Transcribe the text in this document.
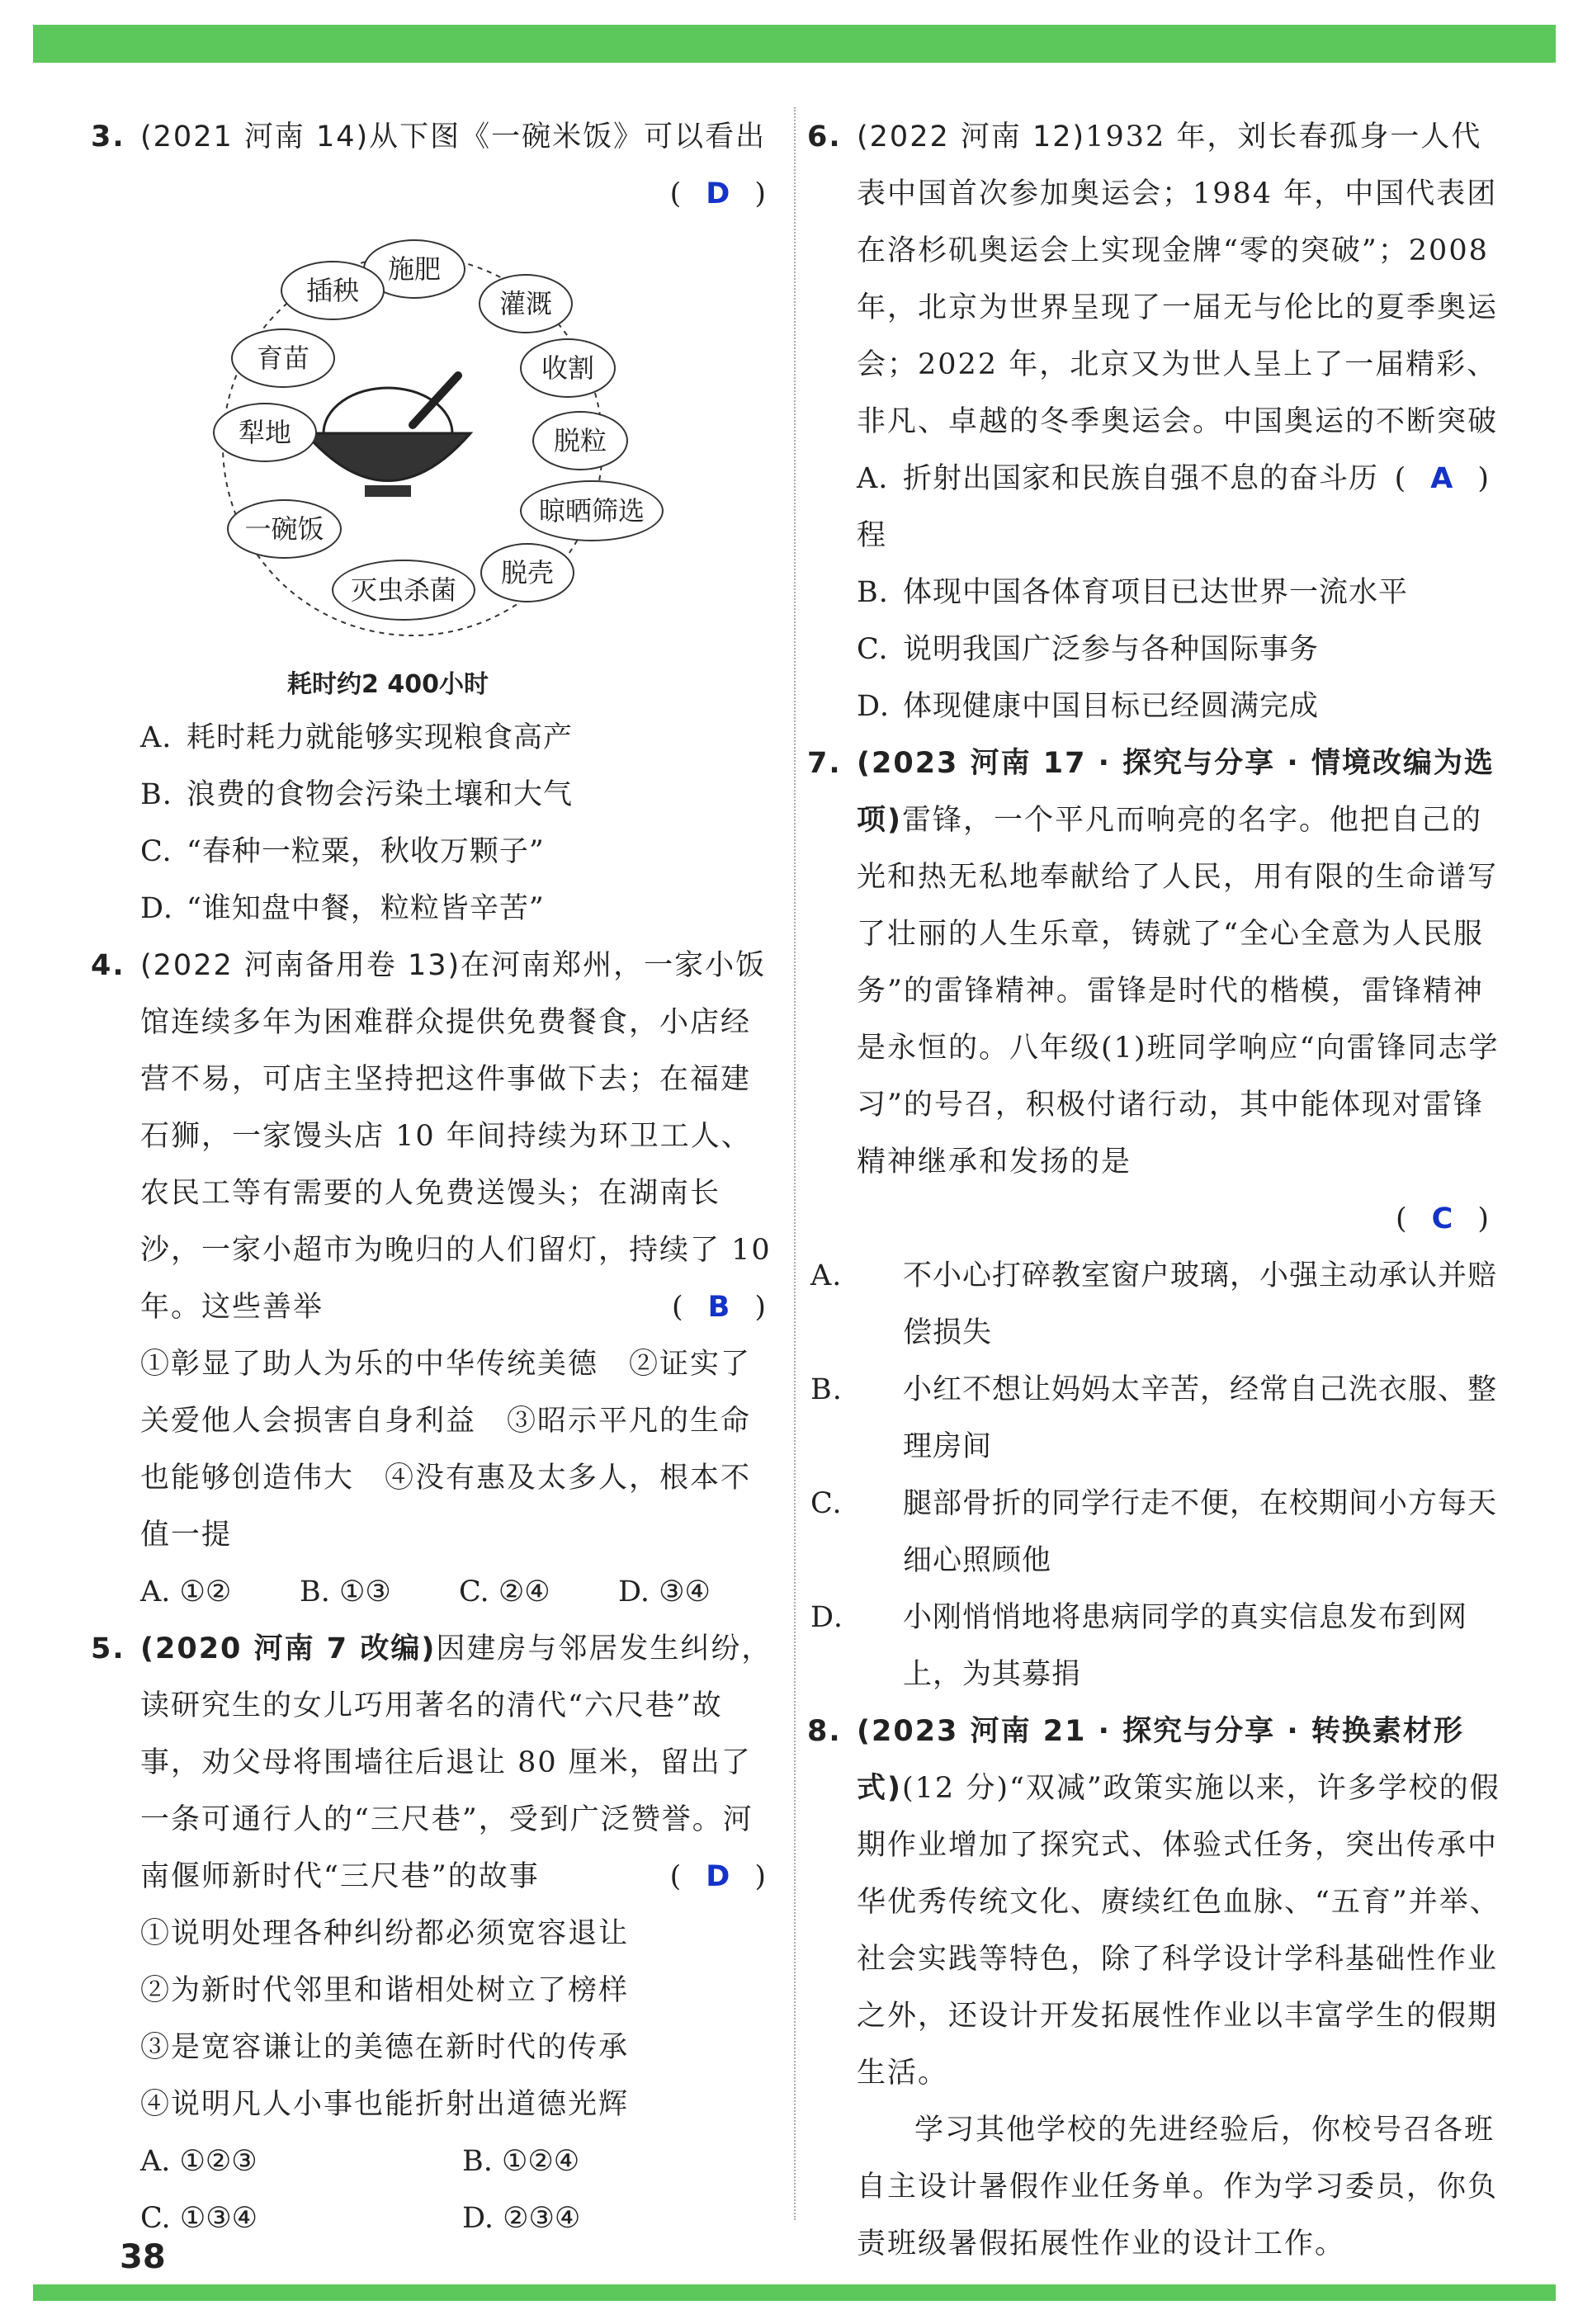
3. (2021 河南 14)从下图《一碗米饭》可以看出
( D )
施肥
灌溉
收割
脱粒
晾晒筛选
脱壳
灭虫杀菌
一碗饭
犁地
育苗
插秧
耗时约2 400小时

A. 耗时耗力就能够实现粮食高产

B. 浪费的食物会污染土壤和大气

C. “春种一粒粟，秋收万颗子”

D. “谁知盘中餐，粒粒皆辛苦”

4. (2022 河南备用卷 13)在河南郑州，一家小饭馆连续多年为困难群众提供免费餐食，小店经营不易，可店主坚持把这件事做下去；在福建石狮，一家馒头店 10 年间持续为环卫工人、农民工等有需要的人免费送馒头；在湖南长沙，一家小超市为晚归的人们留灯，持续了 10 年。这些善举	( B )

①彰显了助人为乐的中华传统美德　②证实了关爱他人会损害自身利益　③昭示平凡的生命也能够创造伟大　④没有惠及太多人，根本不值一提

A. ①②	B. ①③	C. ②④	D. ③④
5. (2020 河南 7 改编)因建房与邻居发生纠纷，读研究生的女儿巧用著名的清代“六尺巷”故事，劝父母将围墙往后退让 80 厘米，留出了一条可通行人的“三尺巷”，受到广泛赞誉。河南偃师新时代“三尺巷”的故事	( D )

①说明处理各种纠纷都必须宽容退让

②为新时代邻里和谐相处树立了榜样

③是宽容谦让的美德在新时代的传承

④说明凡人小事也能折射出道德光辉

A. ①②③	B. ①②④
C. ①③④	D. ②③④
6. (2022 河南 12)1932 年，刘长春孤身一人代表中国首次参加奥运会；1984 年，中国代表团在洛杉矶奥运会上实现金牌“零的突破”；2008 年，北京为世界呈现了一届无与伦比的夏季奥运会；2022 年，北京又为世人呈上了一届精彩、非凡、卓越的冬季奥运会。中国奥运的不断突破
( A )

A. 折射出国家和民族自强不息的奋斗历程

B. 体现中国各体育项目已达世界一流水平

C. 说明我国广泛参与各种国际事务

D. 体现健康中国目标已经圆满完成

7. (2023 河南 17 · 探究与分享 · 情境改编为选项)雷锋，一个平凡而响亮的名字。他把自己的光和热无私地奉献给了人民，用有限的生命谱写了壮丽的人生乐章，铸就了“全心全意为人民服务”的雷锋精神。雷锋是时代的楷模，雷锋精神是永恒的。八年级(1)班同学响应“向雷锋同志学习”的号召，积极付诸行动，其中能体现对雷锋精神继承和发扬的是
( C )

A. 不小心打碎教室窗户玻璃，小强主动承认并赔偿损失

B. 小红不想让妈妈太辛苦，经常自己洗衣服、整理房间

C. 腿部骨折的同学行走不便，在校期间小方每天细心照顾他

D. 小刚悄悄地将患病同学的真实信息发布到网上，为其募捐

8. (2023 河南 21 · 探究与分享 · 转换素材形式)(12 分)“双减”政策实施以来，许多学校的假期作业增加了探究式、体验式任务，突出传承中华优秀传统文化、赓续红色血脉、“五育”并举、社会实践等特色，除了科学设计学科基础性作业之外，还设计开发拓展性作业以丰富学生的假期生活。

学习其他学校的先进经验后，你校号召各班自主设计暑假作业任务单。作为学习委员，你负责班级暑假拓展性作业的设计工作。

38
